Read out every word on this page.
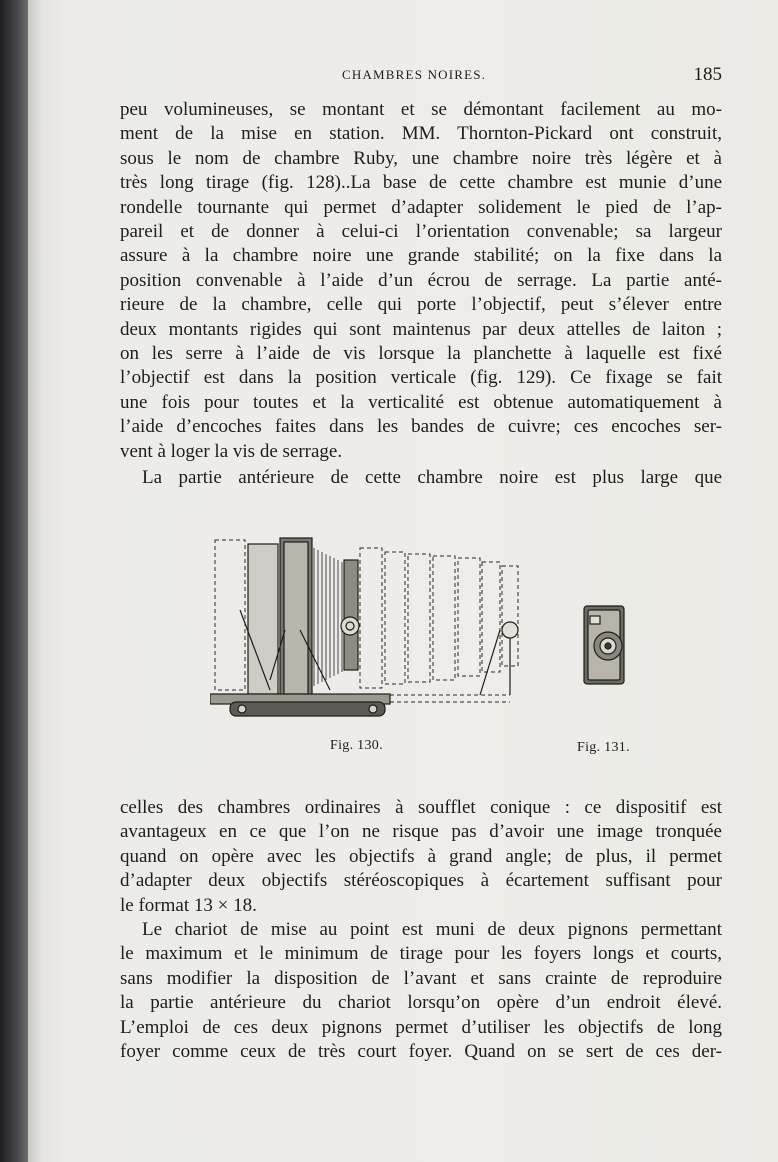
CHAMBRES NOIRES.	185
peu volumineuses, se montant et se démontant facilement au mo-
ment de la mise en station. MM. Thornton-Pickard ont construit,
sous le nom de chambre Ruby, une chambre noire très légère et à
très long tirage (fig. 128)..La base de cette chambre est munie d’une
rondelle tournante qui permet d’adapter solidement le pied de l’ap-
pareil et de donner à celui-ci l’orientation convenable; sa largeur
assure à la chambre noire une grande stabilité; on la fixe dans la
position convenable à l’aide d’un écrou de serrage. La partie anté-
rieure de la chambre, celle qui porte l’objectif, peut s’élever entre
deux montants rigides qui sont maintenus par deux attelles de laiton ;
on les serre à l’aide de vis lorsque la planchette à laquelle est fixé
l’objectif est dans la position verticale (fig. 129). Ce fixage se fait
une fois pour toutes et la verticalité est obtenue automatiquement à
l’aide d’encoches faites dans les bandes de cuivre; ces encoches ser-
vent à loger la vis de serrage.
La partie antérieure de cette chambre noire est plus large que
Fig. 130.	Fig. 131.
celles des chambres ordinaires à soufflet conique : ce dispositif est
avantageux en ce que l’on ne risque pas d’avoir une image tronquée
quand on opère avec les objectifs à grand angle; de plus, il permet
d’adapter deux objectifs stéréoscopiques à écartement suffisant pour
le format 13 × 18.
Le chariot de mise au point est muni de deux pignons permettant
le maximum et le minimum de tirage pour les foyers longs et courts,
sans modifier la disposition de l’avant et sans crainte de reproduire
la partie antérieure du chariot lorsqu’on opère d’un endroit élevé.
L’emploi de ces deux pignons permet d’utiliser les objectifs de long
foyer comme ceux de très court foyer. Quand on se sert de ces der-
